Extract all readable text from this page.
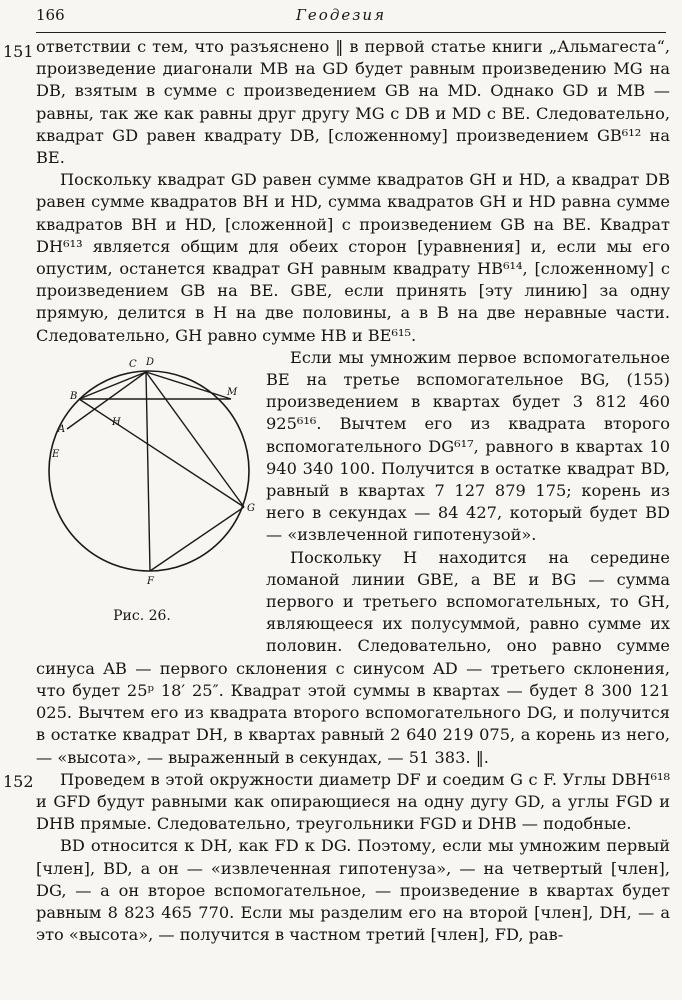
166	Геодезия
151
152

ответствии с тем, что разъяснено ‖ в первой статье книги „Альмагеста“, произведение диагонали MB на GD будет равным произведению MG на DB, взятым в сумме с произведением GB на MD. Однако GD и MB — равны, так же как равны друг другу MG с DB и MD с BE. Следовательно, квадрат GD равен квадрату DB, [сложенному] произведением GB⁶¹² на BE.

Поскольку квадрат GD равен сумме квадратов GH и HD, а квадрат DB равен сумме квадратов BH и HD, сумма квадратов GH и HD равна сумме квадратов BH и HD, [сложенной] с произведением GB на BE. Квадрат DH⁶¹³ является общим для обеих сторон [уравнения] и, если мы его опустим, останется квадрат GH равным квадрату HB⁶¹⁴, [сложенному] с произведением GB на BE. GBE, если принять [эту линию] за одну прямую, делится в H на две половины, а в B на две неравные части. Следовательно, GH равно сумме HB и BE⁶¹⁵.

C D
M
B
H
A
E
G
F
Рис. 26.

Если мы умножим первое вспомогательное BE на третье вспомогательное BG, (155) произведением в квартах будет 3 812 460 925⁶¹⁶. Вычтем его из квадрата второго вспомогательного DG⁶¹⁷, равного в квартах 10 940 340 100. Получится в остатке квадрат BD, равный в квартах 7 127 879 175; корень из него в секундах — 84 427, который будет BD — «извлеченной гипотенузой».

Поскольку H находится на середине ломаной линии GBE, а BE и BG — сумма первого и третьего вспомогательных, то GH, являющееся их полусуммой, равно сумме их половин. Следовательно, оно равно сумме синуса AB — первого склонения с синусом AD — третьего склонения, что будет 25ᵖ 18′ 25″. Квадрат этой суммы в квартах — будет 8 300 121 025. Вычтем его из квадрата второго вспомогательного DG, и получится в остатке квадрат DH, в квартах равный 2 640 219 075, а корень из него, — «высота», — выраженный в секундах, — 51 383. ‖.

Проведем в этой окружности диаметр DF и соедим G с F. Углы DBH⁶¹⁸ и GFD будут равными как опирающиеся на одну дугу GD, а углы FGD и DHB прямые. Следовательно, треугольники FGD и DHB — подобные.

BD относится к DH, как FD к DG. Поэтому, если мы умножим первый [член], BD, а он — «извлеченная гипотенуза», — на четвертый [член], DG, — а он второе вспомогательное, — произведение в квартах будет равным 8 823 465 770. Если мы разделим его на второй [член], DH, — а это «высота», — получится в частном третий [член], FD, рав-
